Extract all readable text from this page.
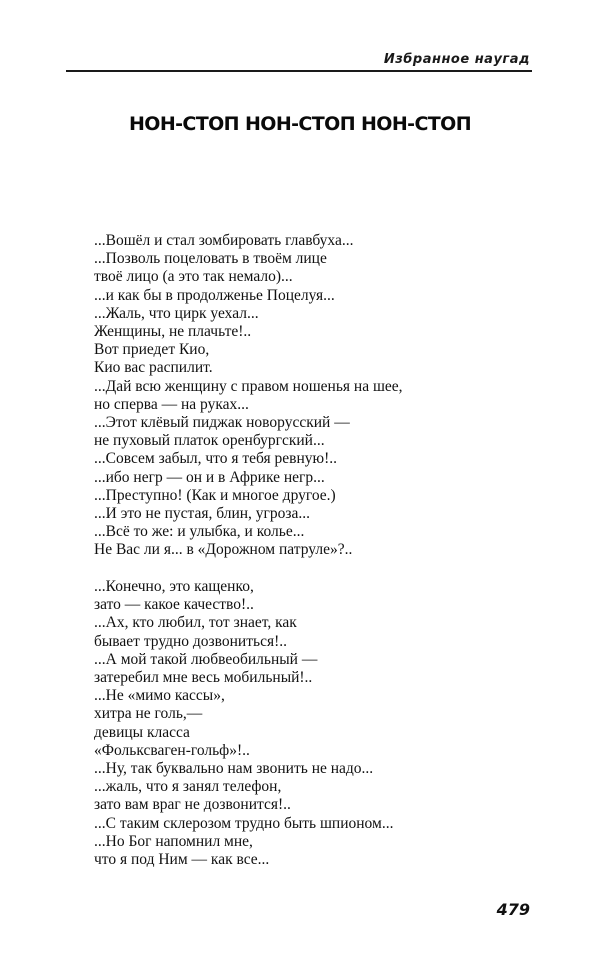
Избранное наугад
НОН-СТОП НОН-СТОП НОН-СТОП
...Вошёл и стал зомбировать главбуха...
...Позволь поцеловать в твоём лице
твоё лицо (а это так немало)...
...и как бы в продолженье Поцелуя...
...Жаль, что цирк уехал...
Женщины, не плачьте!..
Вот приедет Кио,
Кио вас распилит.
...Дай всю женщину с правом ношенья на шее,
но сперва — на руках...
...Этот клёвый пиджак новорусский —
не пуховый платок оренбургский...
...Совсем забыл, что я тебя ревную!..
...ибо негр — он и в Африке негр...
...Преступно! (Как и многое другое.)
...И это не пустая, блин, угроза...
...Всё то же: и улыбка, и колье...
Не Вас ли я... в «Дорожном патруле»?..
...Конечно, это кащенко,
зато — какое качество!..
...Ах, кто любил, тот знает, как
бывает трудно дозвониться!..
...А мой такой любвеобильный —
затеребил мне весь мобильный!..
...Не «мимо кассы»,
хитра не голь,—
девицы класса
«Фольксваген-гольф»!..
...Ну, так буквально нам звонить не надо...
...жаль, что я занял телефон,
зато вам враг не дозвонится!..
...С таким склерозом трудно быть шпионом...
...Но Бог напомнил мне,
что я под Ним — как все...
479
